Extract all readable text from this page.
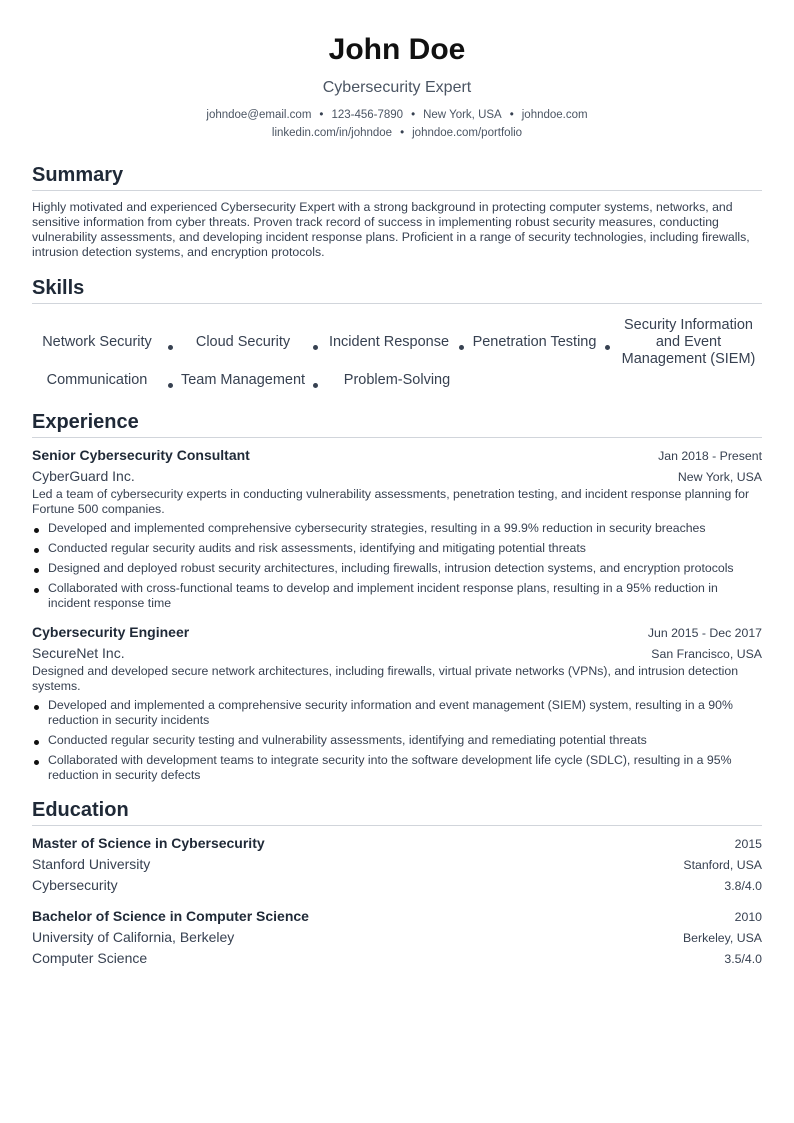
John Doe
Cybersecurity Expert
johndoe@email.com • 123-456-7890 • New York, USA • johndoe.com
linkedin.com/in/johndoe • johndoe.com/portfolio
Summary
Highly motivated and experienced Cybersecurity Expert with a strong background in protecting computer systems, networks, and sensitive information from cyber threats. Proven track record of success in implementing robust security measures, conducting vulnerability assessments, and developing incident response plans. Proficient in a range of security technologies, including firewalls, intrusion detection systems, and encryption protocols.
Skills
Network Security	Cloud Security	Incident Response	Penetration Testing
Security Information and Event Management (SIEM)
Communication	Team Management	Problem-Solving
Experience
Senior Cybersecurity Consultant	Jan 2018 - Present
CyberGuard Inc.	New York, USA
Led a team of cybersecurity experts in conducting vulnerability assessments, penetration testing, and incident response planning for Fortune 500 companies.
Developed and implemented comprehensive cybersecurity strategies, resulting in a 99.9% reduction in security breaches
Conducted regular security audits and risk assessments, identifying and mitigating potential threats
Designed and deployed robust security architectures, including firewalls, intrusion detection systems, and encryption protocols
Collaborated with cross-functional teams to develop and implement incident response plans, resulting in a 95% reduction in incident response time
Cybersecurity Engineer	Jun 2015 - Dec 2017
SecureNet Inc.	San Francisco, USA
Designed and developed secure network architectures, including firewalls, virtual private networks (VPNs), and intrusion detection systems.
Developed and implemented a comprehensive security information and event management (SIEM) system, resulting in a 90% reduction in security incidents
Conducted regular security testing and vulnerability assessments, identifying and remediating potential threats
Collaborated with development teams to integrate security into the software development life cycle (SDLC), resulting in a 95% reduction in security defects
Education
Master of Science in Cybersecurity	2015
Stanford University	Stanford, USA
Cybersecurity	3.8/4.0
Bachelor of Science in Computer Science	2010
University of California, Berkeley	Berkeley, USA
Computer Science	3.5/4.0
